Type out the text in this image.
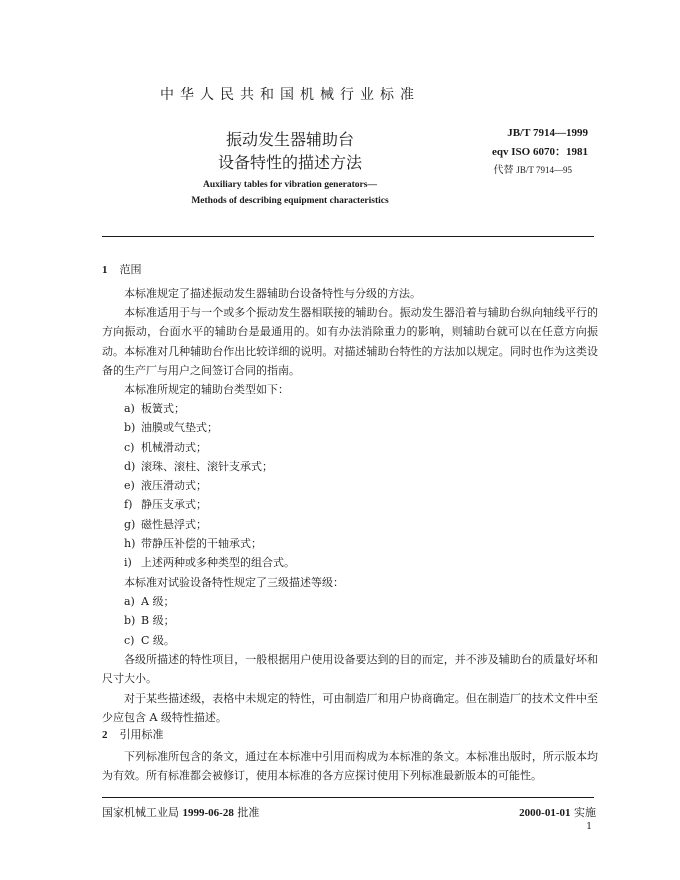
中华人民共和国机械行业标准
振动发生器辅助台
设备特性的描述方法
Auxiliary tables for vibration generators—
Methods of describing equipment characteristics
JB/T 7914—1999
eqv ISO 6070：1981
代替 JB/T 7914—95
1 范围
本标准规定了描述振动发生器辅助台设备特性与分级的方法。
本标准适用于与一个或多个振动发生器相联接的辅助台。振动发生器沿着与辅助台纵向轴线平行的方向振动，台面水平的辅助台是最通用的。如有办法消除重力的影响，则辅助台就可以在任意方向振动。 本标准对几种辅助台作出比较详细的说明。对描述辅助台特性的方法加以规定。同时也作为这类设备的生产厂与用户之间签订合同的指南。
本标准所规定的辅助台类型如下：
a) 板簧式；
b) 油膜或气垫式；
c) 机械滑动式；
d) 滚珠、滚柱、滚针支承式；
e) 液压滑动式；
f) 静压支承式；
g) 磁性悬浮式；
h) 带静压补偿的干轴承式；
i) 上述两种或多种类型的组合式。
本标准对试验设备特性规定了三级描述等级：
a) A 级；
b) B 级；
c) C 级。
各级所描述的特性项目，一般根据用户使用设备要达到的目的而定，并不涉及辅助台的质量好坏和尺寸大小。
对于某些描述级，表格中未规定的特性，可由制造厂和用户协商确定。但在制造厂的技术文件中至少应包含 A 级特性描述。
2 引用标准
下列标准所包含的条文，通过在本标准中引用而构成为本标准的条文。本标准出版时，所示版本均为有效。所有标准都会被修订，使用本标准的各方应探讨使用下列标准最新版本的可能性。
国家机械工业局 1999-06-28 批准	2000-01-01 实施
1
